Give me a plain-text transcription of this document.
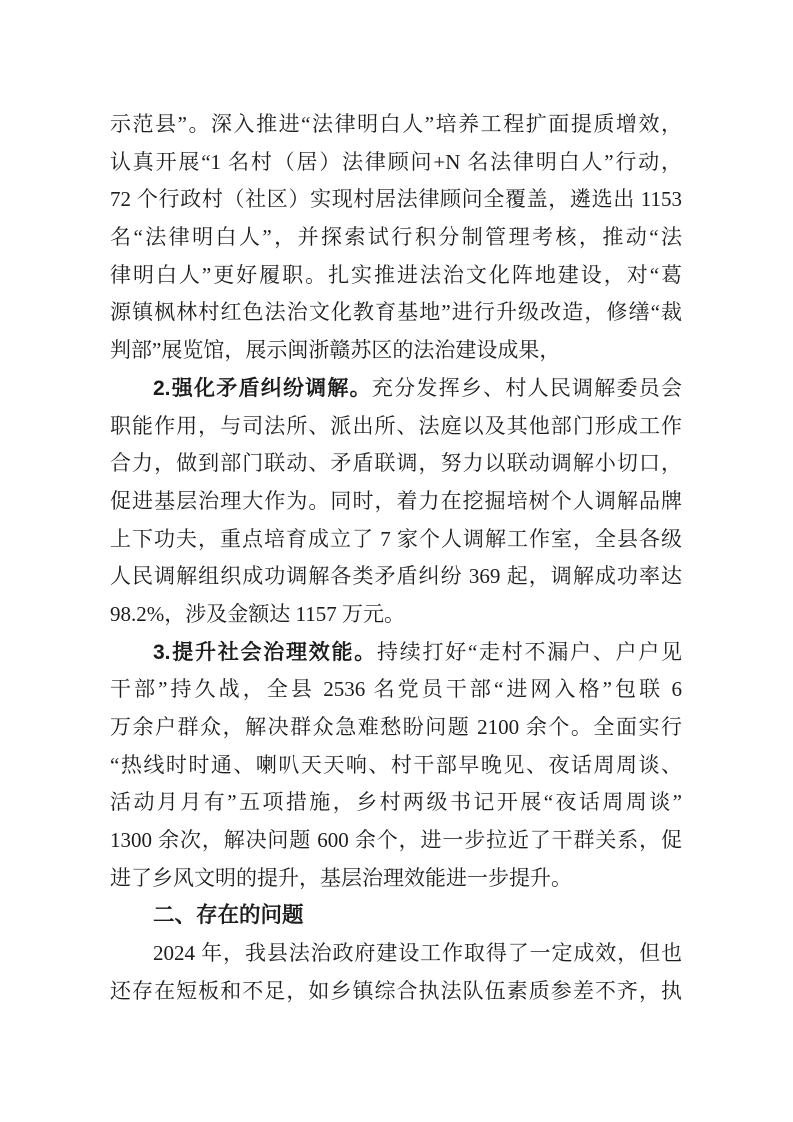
示范县”。深入推进“法律明白人”培养工程扩面提质增效，
认真开展“1 名村（居）法律顾问+N 名法律明白人”行动，
72 个行政村（社区）实现村居法律顾问全覆盖，遴选出 1153
名“法律明白人”，并探索试行积分制管理考核，推动“法
律明白人”更好履职。扎实推进法治文化阵地建设，对“葛
源镇枫林村红色法治文化教育基地”进行升级改造，修缮“裁
判部”展览馆，展示闽浙赣苏区的法治建设成果，
2.强化矛盾纠纷调解。充分发挥乡、村人民调解委员会
职能作用，与司法所、派出所、法庭以及其他部门形成工作
合力，做到部门联动、矛盾联调，努力以联动调解小切口，
促进基层治理大作为。同时，着力在挖掘培树个人调解品牌
上下功夫，重点培育成立了 7 家个人调解工作室，全县各级
人民调解组织成功调解各类矛盾纠纷 369 起，调解成功率达
98.2%，涉及金额达 1157 万元。
3.提升社会治理效能。持续打好“走村不漏户、户户见
干部”持久战，全县 2536 名党员干部“进网入格”包联 6
万余户群众，解决群众急难愁盼问题 2100 余个。全面实行
“热线时时通、喇叭天天响、村干部早晚见、夜话周周谈、
活动月月有”五项措施，乡村两级书记开展“夜话周周谈”
1300 余次，解决问题 600 余个，进一步拉近了干群关系，促
进了乡风文明的提升，基层治理效能进一步提升。
二、存在的问题
2024 年，我县法治政府建设工作取得了一定成效，但也
还存在短板和不足，如乡镇综合执法队伍素质参差不齐，执
